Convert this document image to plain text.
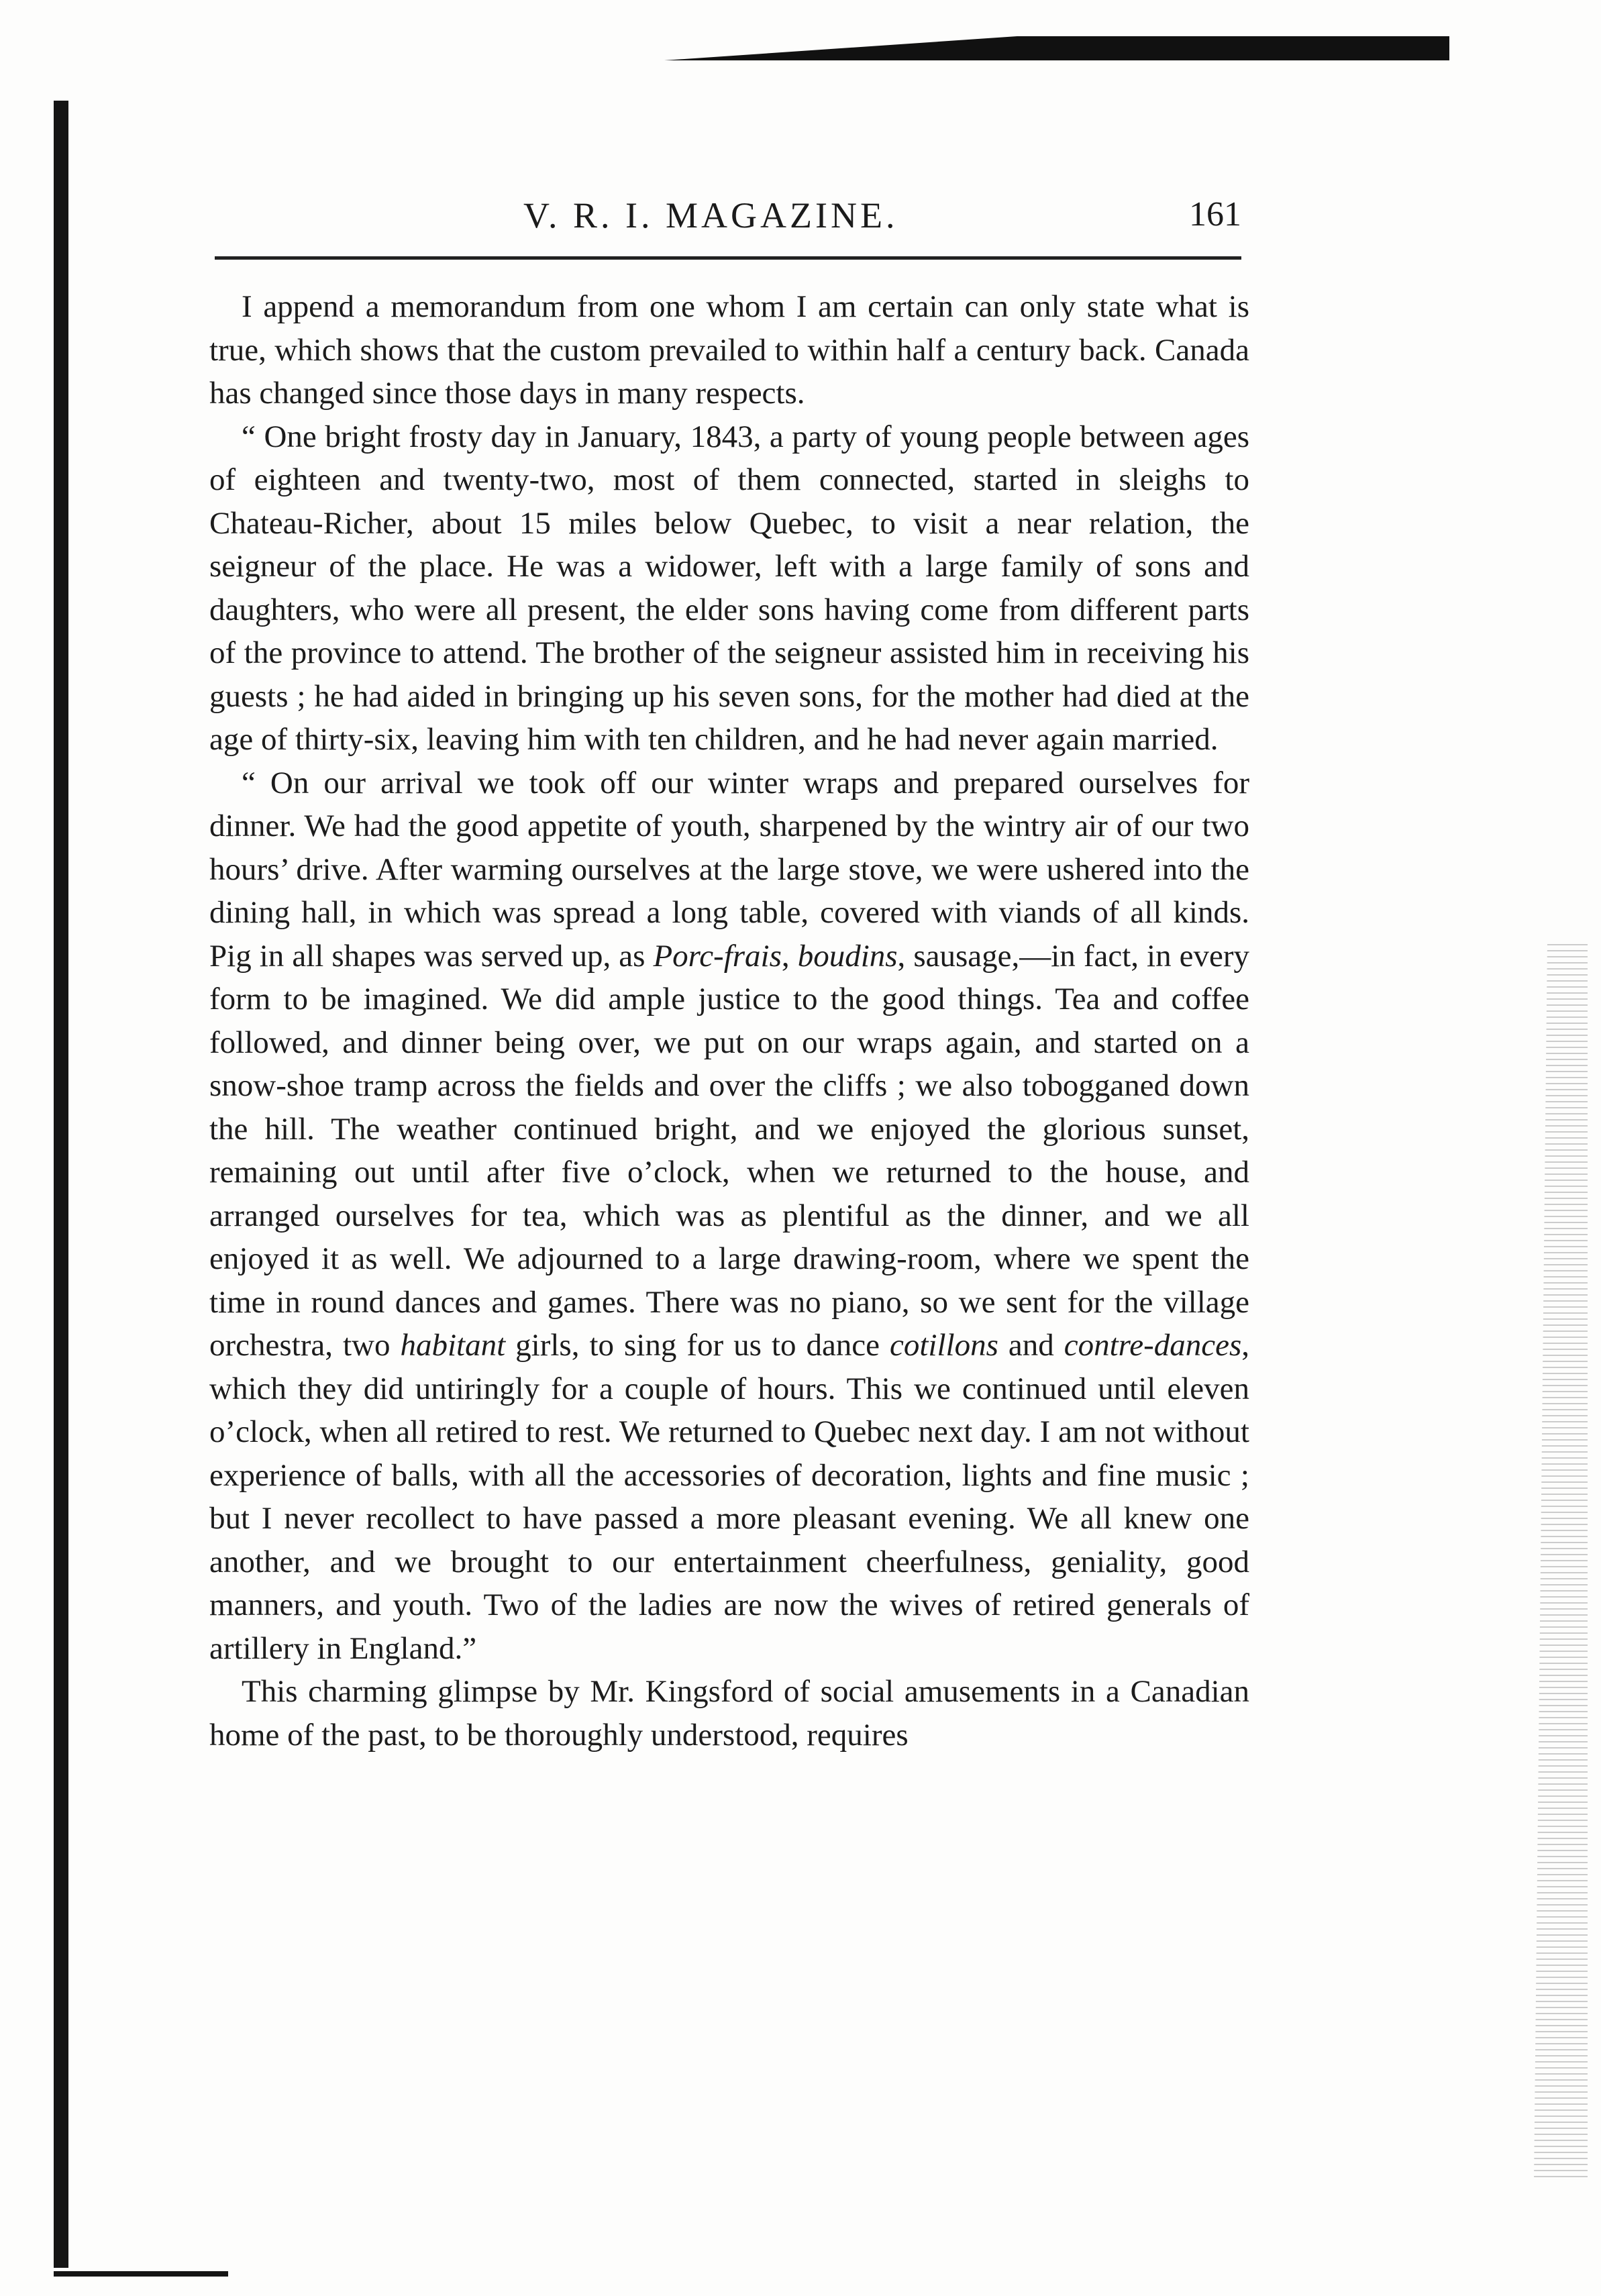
V. R. I. MAGAZINE.	161

I append a memorandum from one whom I am certain can only state what is true, which shows that the custom prevailed to within half a century back. Canada has changed since those days in many respects.

“ One bright frosty day in January, 1843, a party of young people between ages of eighteen and twenty-two, most of them connected, started in sleighs to Chateau-Richer, about 15 miles below Quebec, to visit a near relation, the seigneur of the place. He was a widower, left with a large family of sons and daughters, who were all present, the elder sons having come from different parts of the province to attend. The brother of the seigneur assisted him in receiving his guests ; he had aided in bringing up his seven sons, for the mother had died at the age of thirty-six, leaving him with ten children, and he had never again married.

“ On our arrival we took off our winter wraps and prepared ourselves for dinner. We had the good appetite of youth, sharpened by the wintry air of our two hours’ drive. After warming ourselves at the large stove, we were ushered into the dining hall, in which was spread a long table, covered with viands of all kinds. Pig in all shapes was served up, as Porc-frais, boudins, sausage,—in fact, in every form to be imagined. We did ample justice to the good things. Tea and coffee followed, and dinner being over, we put on our wraps again, and started on a snow-shoe tramp across the fields and over the cliffs ; we also tobogganed down the hill. The weather continued bright, and we enjoyed the glorious sunset, remaining out until after five o’clock, when we returned to the house, and arranged ourselves for tea, which was as plentiful as the dinner, and we all enjoyed it as well. We adjourned to a large drawing-room, where we spent the time in round dances and games. There was no piano, so we sent for the village orchestra, two habitant girls, to sing for us to dance cotillons and contre-dances, which they did untiringly for a couple of hours. This we continued until eleven o’clock, when all retired to rest. We returned to Quebec next day. I am not without experience of balls, with all the accessories of decoration, lights and fine music ; but I never recollect to have passed a more pleasant evening. We all knew one another, and we brought to our entertainment cheerfulness, geniality, good manners, and youth. Two of the ladies are now the wives of retired generals of artillery in England.”

This charming glimpse by Mr. Kingsford of social amusements in a Canadian home of the past, to be thoroughly understood, requires
